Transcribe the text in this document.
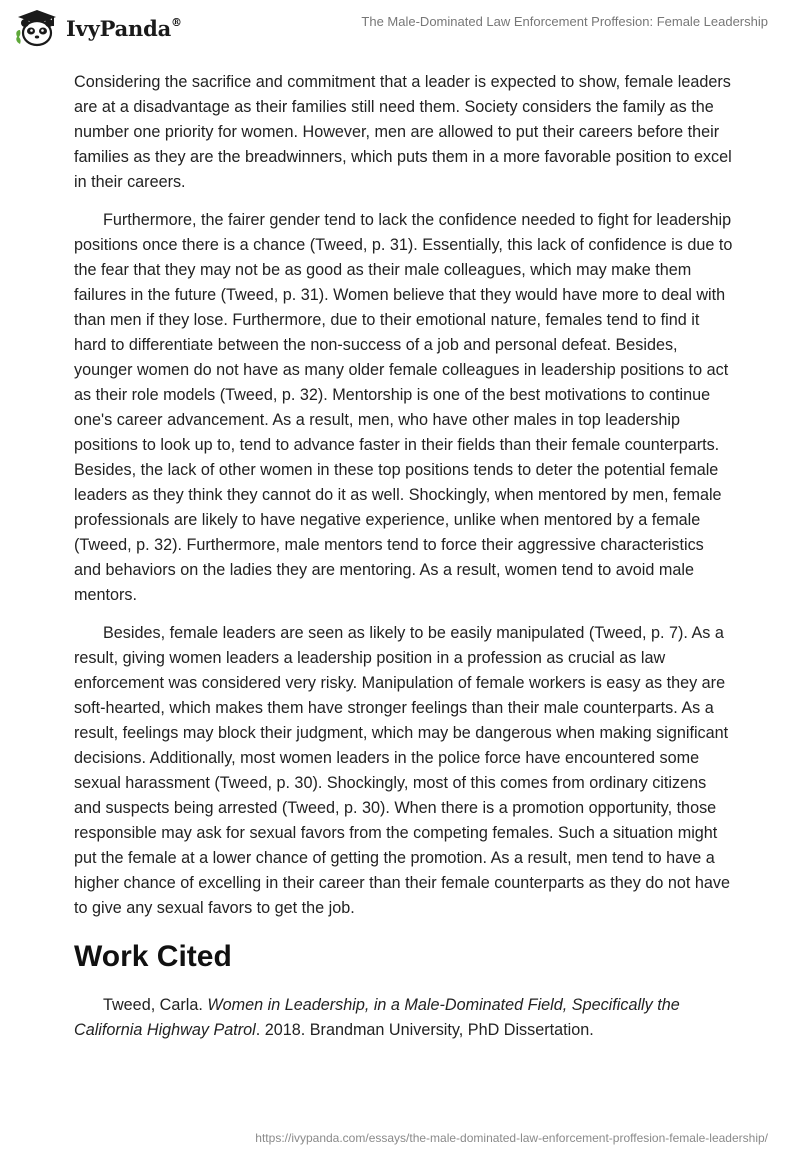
IvyPanda®	The Male-Dominated Law Enforcement Proffesion: Female Leadership

Considering the sacrifice and commitment that a leader is expected to show, female leaders are at a disadvantage as their families still need them. Society considers the family as the number one priority for women. However, men are allowed to put their careers before their families as they are the breadwinners, which puts them in a more favorable position to excel in their careers.

Furthermore, the fairer gender tend to lack the confidence needed to fight for leadership positions once there is a chance (Tweed, p. 31). Essentially, this lack of confidence is due to the fear that they may not be as good as their male colleagues, which may make them failures in the future (Tweed, p. 31). Women believe that they would have more to deal with than men if they lose. Furthermore, due to their emotional nature, females tend to find it hard to differentiate between the non-success of a job and personal defeat. Besides, younger women do not have as many older female colleagues in leadership positions to act as their role models (Tweed, p. 32). Mentorship is one of the best motivations to continue one's career advancement. As a result, men, who have other males in top leadership positions to look up to, tend to advance faster in their fields than their female counterparts. Besides, the lack of other women in these top positions tends to deter the potential female leaders as they think they cannot do it as well. Shockingly, when mentored by men, female professionals are likely to have negative experience, unlike when mentored by a female (Tweed, p. 32). Furthermore, male mentors tend to force their aggressive characteristics and behaviors on the ladies they are mentoring. As a result, women tend to avoid male mentors.

Besides, female leaders are seen as likely to be easily manipulated (Tweed, p. 7). As a result, giving women leaders a leadership position in a profession as crucial as law enforcement was considered very risky. Manipulation of female workers is easy as they are soft-hearted, which makes them have stronger feelings than their male counterparts. As a result, feelings may block their judgment, which may be dangerous when making significant decisions. Additionally, most women leaders in the police force have encountered some sexual harassment (Tweed, p. 30). Shockingly, most of this comes from ordinary citizens and suspects being arrested (Tweed, p. 30). When there is a promotion opportunity, those responsible may ask for sexual favors from the competing females. Such a situation might put the female at a lower chance of getting the promotion. As a result, men tend to have a higher chance of excelling in their career than their female counterparts as they do not have to give any sexual favors to get the job.

Work Cited

Tweed, Carla. Women in Leadership, in a Male-Dominated Field, Specifically the California Highway Patrol. 2018. Brandman University, PhD Dissertation.

https://ivypanda.com/essays/the-male-dominated-law-enforcement-proffesion-female-leadership/
